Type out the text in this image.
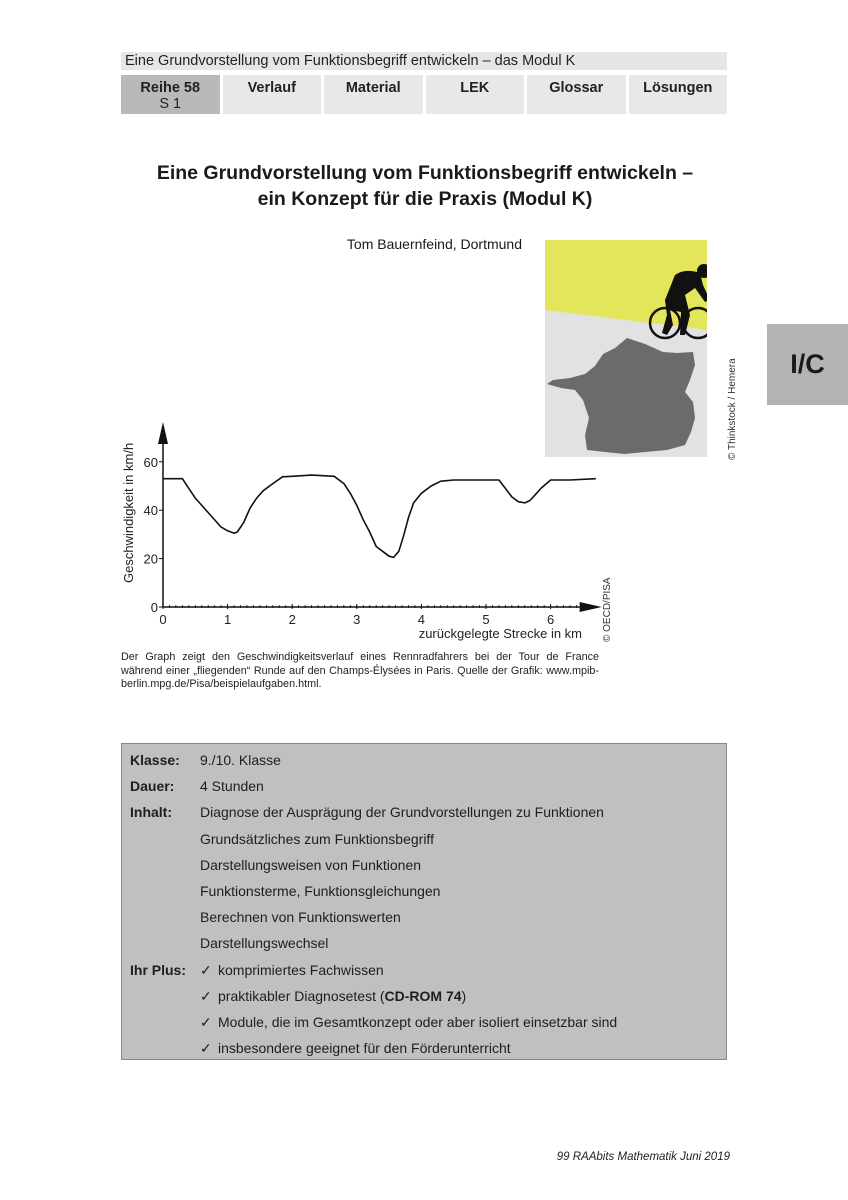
Eine Grundvorstellung vom Funktionsbegriff entwickeln – das Modul K
Reihe 58
S 1
Verlauf	Material	LEK	Glossar	Lösungen
Eine Grundvorstellung vom Funktionsbegriff entwickeln –
ein Konzept für die Praxis (Modul K)
Tom Bauernfeind, Dortmund
© Thinkstock / Hemera	I/C
0	1	2	3	4	5	6
0
20
40
60
zurückgelegte Strecke in km
Geschwindigkeit in km/h
© OECD/PISA
Der Graph zeigt den Geschwindigkeitsverlauf eines Rennradfahrers bei der Tour de France während einer „fliegenden“ Runde auf den Champs-Élysées in Paris. Quelle der Grafik: www.mpib-berlin.mpg.de/Pisa/beispielaufgaben.html.
Klasse:	9./10. Klasse
Dauer:	4 Stunden
Inhalt:	Diagnose der Ausprägung der Grundvorstellungen zu Funktionen
Grundsätzliches zum Funktionsbegriff
Darstellungsweisen von Funktionen
Funktionsterme, Funktionsgleichungen
Berechnen von Funktionswerten
Darstellungswechsel
Ihr Plus: ✓ komprimiertes Fachwissen
✓ praktikabler Diagnosetest (CD-ROM 74)
✓ Module, die im Gesamtkonzept oder aber isoliert einsetzbar sind
✓ insbesondere geeignet für den Förderunterricht
99 RAAbits Mathematik Juni 2019
